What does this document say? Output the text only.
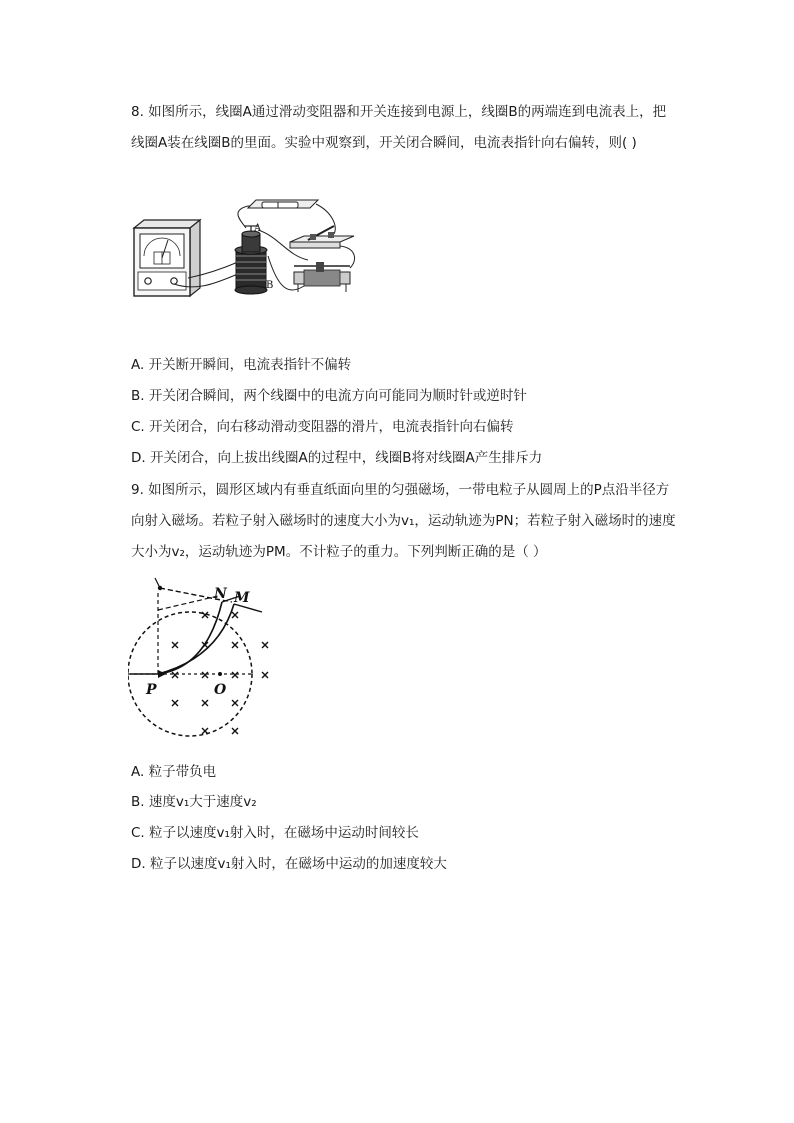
8. 如图所示，线圈A通过滑动变阻器和开关连接到电源上，线圈B的两端连到电流表上，把
线圈A装在线圈B的里面。实验中观察到，开关闭合瞬间，电流表指针向右偏转，则( )
A
B
A. 开关断开瞬间，电流表指针不偏转
B. 开关闭合瞬间，两个线圈中的电流方向可能同为顺时针或逆时针
C. 开关闭合，向右移动滑动变阻器的滑片，电流表指针向右偏转
D. 开关闭合，向上拔出线圈A的过程中，线圈B将对线圈A产生排斥力
9. 如图所示，圆形区域内有垂直纸面向里的匀强磁场，一带电粒子从圆周上的P点沿半径方
向射入磁场。若粒子射入磁场时的速度大小为v₁，运动轨迹为PN；若粒子射入磁场时的速度
大小为v₂，运动轨迹为PM。不计粒子的重力。下列判断正确的是（ ）
N M
P	O
A. 粒子带负电
B. 速度v₁大于速度v₂
C. 粒子以速度v₁射入时，在磁场中运动时间较长
D. 粒子以速度v₁射入时，在磁场中运动的加速度较大
